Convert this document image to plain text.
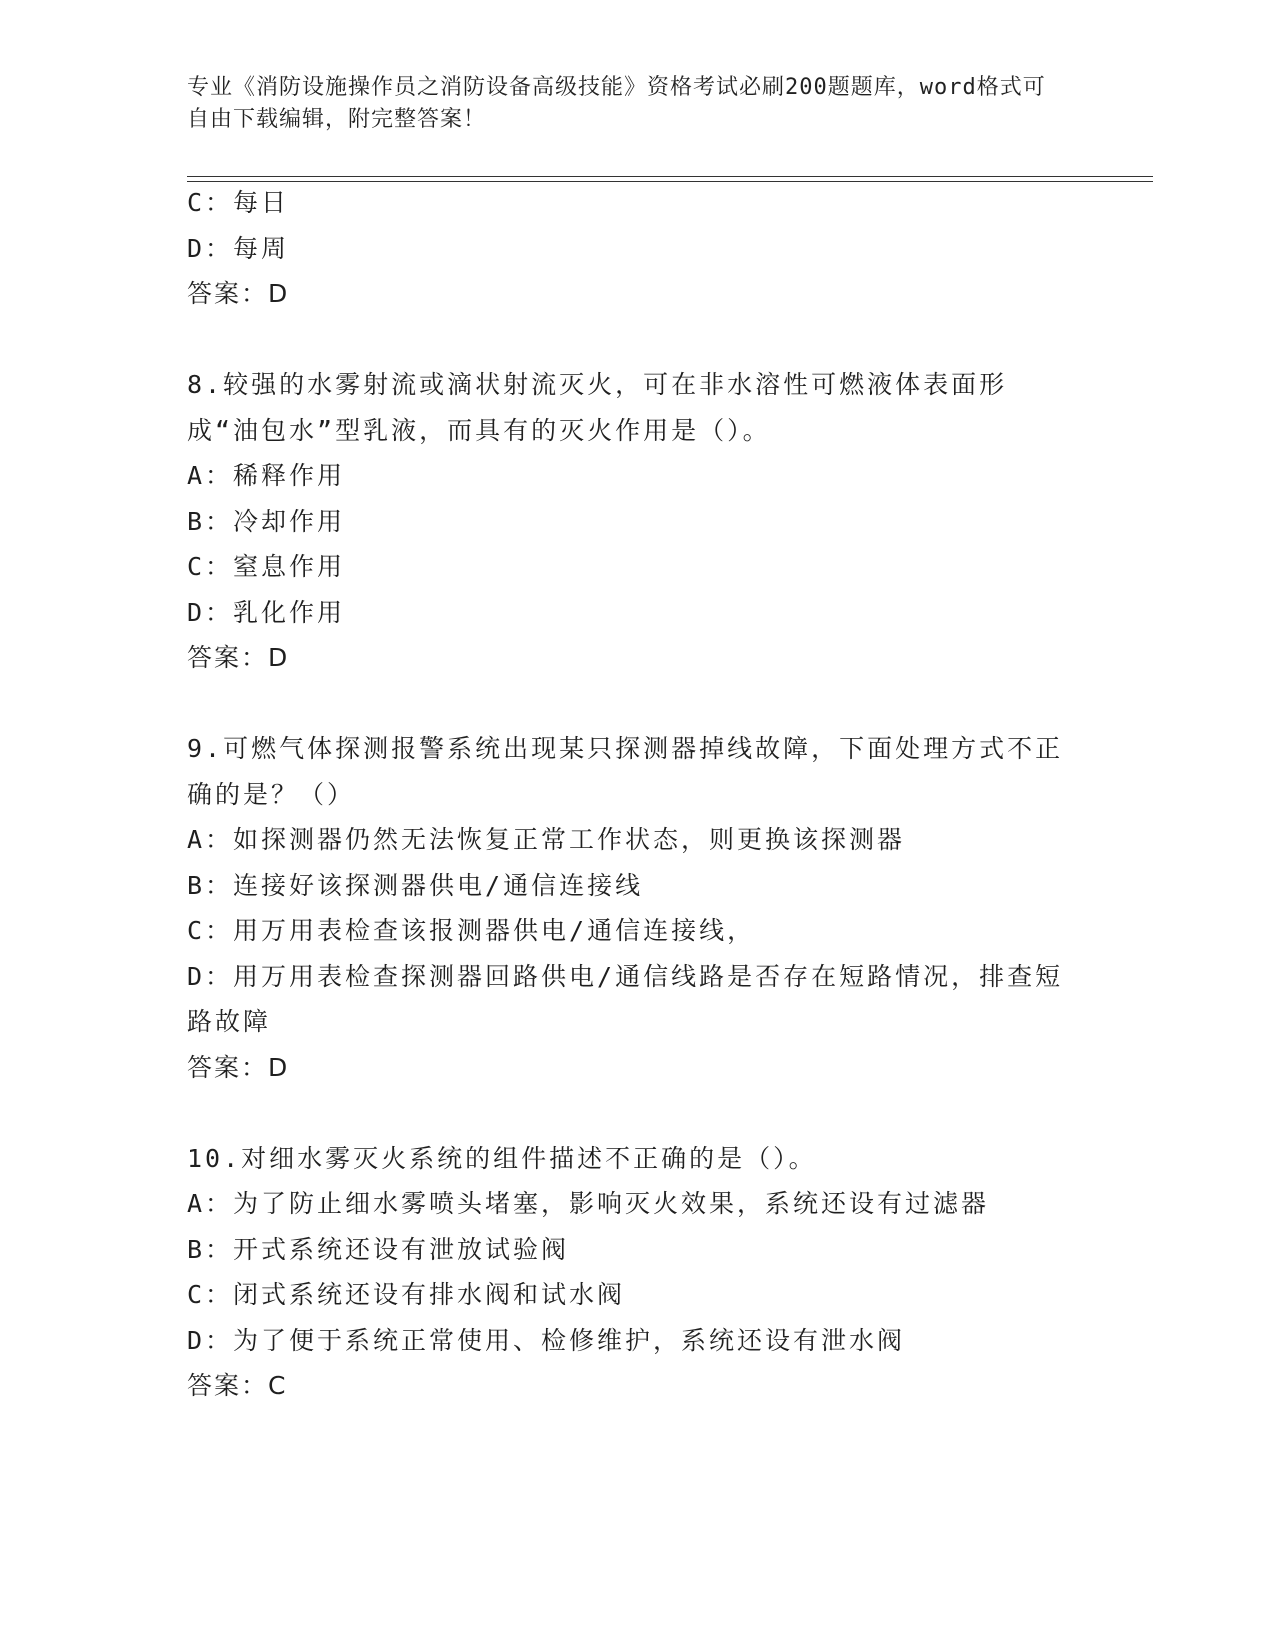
专业《消防设施操作员之消防设备高级技能》资格考试必刷200题题库，word格式可自由下载编辑，附完整答案！
C：每日
D：每周
答案：D
8.较强的水雾射流或滴状射流灭火，可在非水溶性可燃液体表面形成“油包水”型乳液，而具有的灭火作用是（）。
A：稀释作用
B：冷却作用
C：窒息作用
D：乳化作用
答案：D
9.可燃气体探测报警系统出现某只探测器掉线故障，下面处理方式不正确的是？（）
A：如探测器仍然无法恢复正常工作状态，则更换该探测器
B：连接好该探测器供电/通信连接线
C：用万用表检查该报测器供电/通信连接线，
D：用万用表检查探测器回路供电/通信线路是否存在短路情况，排查短路故障
答案：D
10.对细水雾灭火系统的组件描述不正确的是（）。
A：为了防止细水雾喷头堵塞，影响灭火效果，系统还设有过滤器
B：开式系统还设有泄放试验阀
C：闭式系统还设有排水阀和试水阀
D：为了便于系统正常使用、检修维护，系统还设有泄水阀
答案：C
